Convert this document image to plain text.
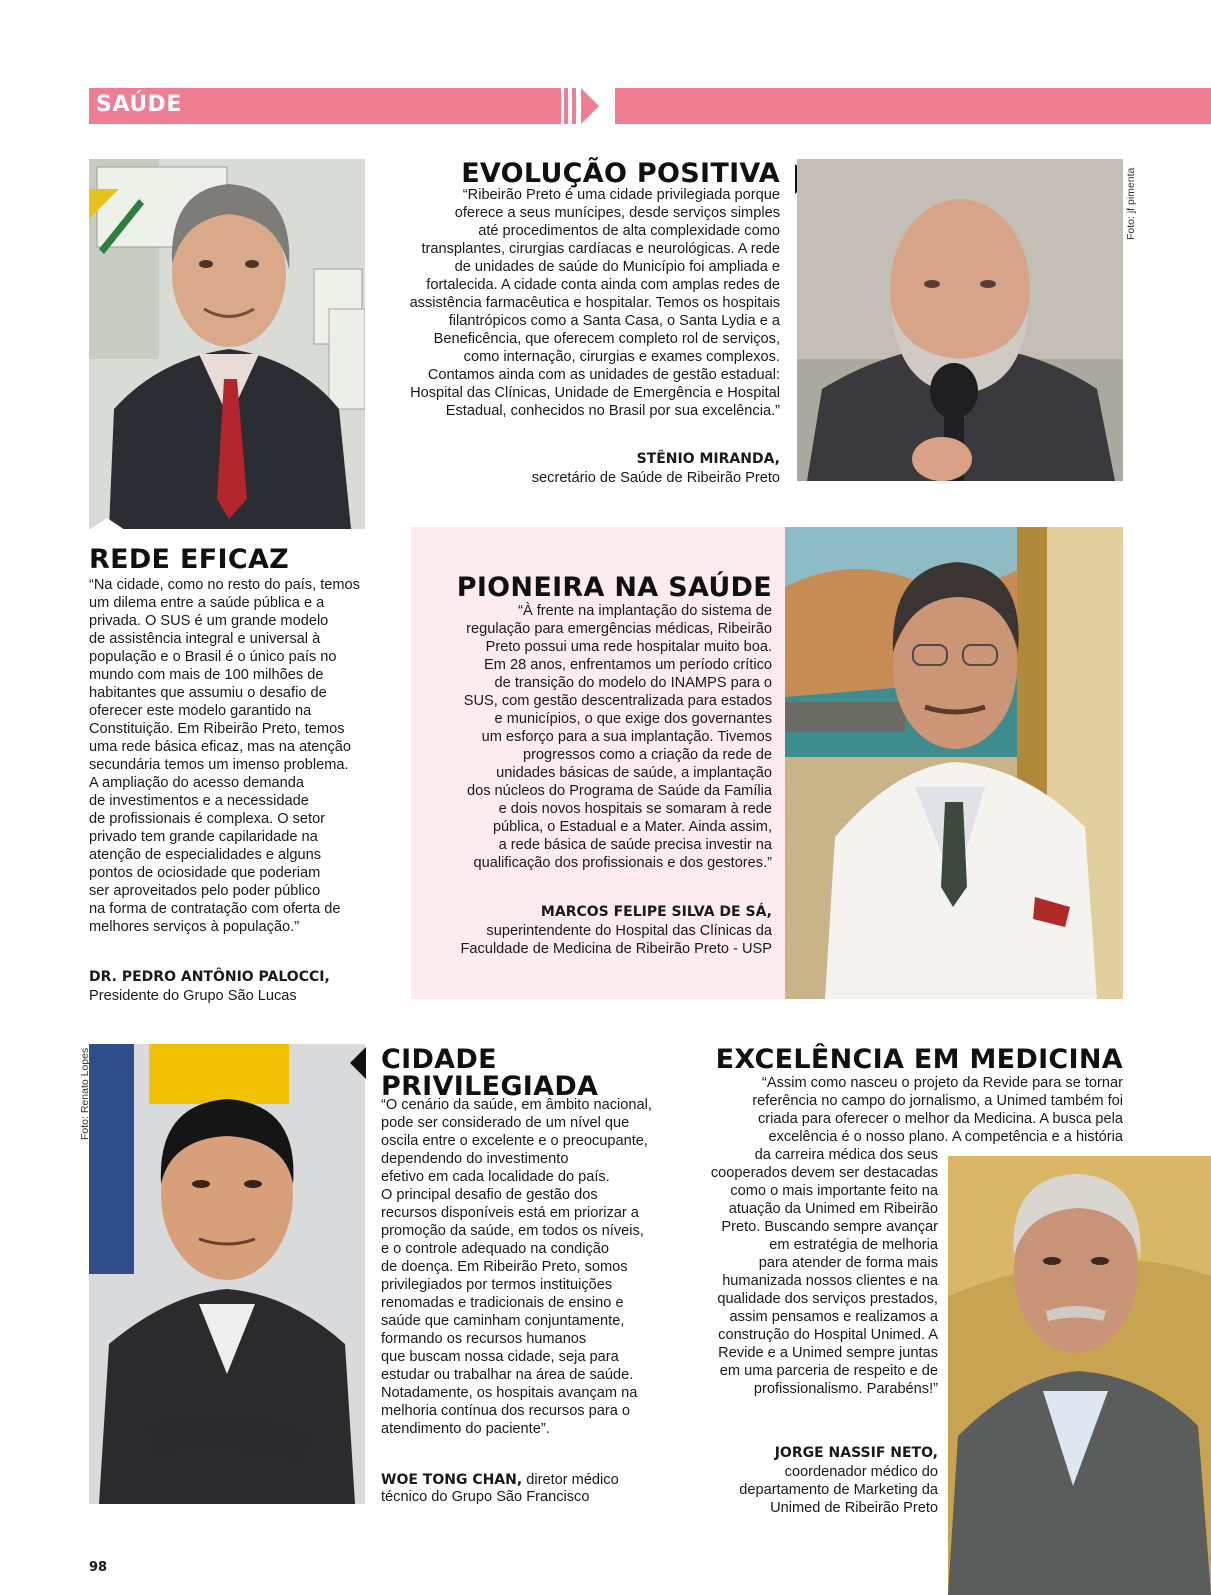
SAÚDE
EVOLUÇÃO POSITIVA

“Ribeirão Preto é uma cidade privilegiada porque

oferece a seus munícipes, desde serviços simples

até procedimentos de alta complexidade como

transplantes, cirurgias cardíacas e neurológicas. A rede

de unidades de saúde do Município foi ampliada e

fortalecida. A cidade conta ainda com amplas redes de

assistência farmacêutica e hospitalar. Temos os hospitais

filantrópicos como a Santa Casa, o Santa Lydia e a

Beneficência, que oferecem completo rol de serviços,

como internação, cirurgias e exames complexos.

Contamos ainda com as unidades de gestão estadual:

Hospital das Clínicas, Unidade de Emergência e Hospital

Estadual, conhecidos no Brasil por sua excelência.”

STÊNIO MIRANDA,
secretário de Saúde de Ribeirão Preto
Foto: jf pimenta
REDE EFICAZ

“Na cidade, como no resto do país, temos

um dilema entre a saúde pública e a

privada. O SUS é um grande modelo

de assistência integral e universal à

população e o Brasil é o único país no

mundo com mais de 100 milhões de

habitantes que assumiu o desafio de

oferecer este modelo garantido na

Constituição. Em Ribeirão Preto, temos

uma rede básica eficaz, mas na atenção

secundária temos um imenso problema.

A ampliação do acesso demanda

de investimentos e a necessidade

de profissionais é complexa. O setor

privado tem grande capilaridade na

atenção de especialidades e alguns

pontos de ociosidade que poderiam

ser aproveitados pelo poder público

na forma de contratação com oferta de

melhores serviços à população.”

DR. PEDRO ANTÔNIO PALOCCI,
Presidente do Grupo São Lucas
PIONEIRA NA SAÚDE

“À frente na implantação do sistema de

regulação para emergências médicas, Ribeirão

Preto possui uma rede hospitalar muito boa.

Em 28 anos, enfrentamos um período crítico

de transição do modelo do INAMPS para o

SUS, com gestão descentralizada para estados

e municípios, o que exige dos governantes

um esforço para a sua implantação. Tivemos

progressos como a criação da rede de

unidades básicas de saúde, a implantação

dos núcleos do Programa de Saúde da Família

e dois novos hospitais se somaram à rede

pública, o Estadual e a Mater. Ainda assim,

a rede básica de saúde precisa investir na

qualificação dos profissionais e dos gestores.”

MARCOS FELIPE SILVA DE SÁ,
superintendente do Hospital das Clínicas da
Faculdade de Medicina de Ribeirão Preto - USP
Foto: Renato Lopes	CIDADE
PRIVILEGIADA

“O cenário da saúde, em âmbito nacional,

pode ser considerado de um nível que

oscila entre o excelente e o preocupante,

dependendo do investimento

efetivo em cada localidade do país.

O principal desafio de gestão dos

recursos disponíveis está em priorizar a

promoção da saúde, em todos os níveis,

e o controle adequado na condição

de doença. Em Ribeirão Preto, somos

privilegiados por termos instituições

renomadas e tradicionais de ensino e

saúde que caminham conjuntamente,

formando os recursos humanos

que buscam nossa cidade, seja para

estudar ou trabalhar na área de saúde.

Notadamente, os hospitais avançam na

melhoria contínua dos recursos para o

atendimento do paciente”.

WOE TONG CHAN, diretor médico
técnico do Grupo São Francisco
EXCELÊNCIA EM MEDICINA

“Assim como nasceu o projeto da Revide para se tornar

referência no campo do jornalismo, a Unimed também foi

criada para oferecer o melhor da Medicina. A busca pela

excelência é o nosso plano. A competência e a história

da carreira médica dos seus

cooperados devem ser destacadas

como o mais importante feito na

atuação da Unimed em Ribeirão

Preto. Buscando sempre avançar

em estratégia de melhoria

para atender de forma mais

humanizada nossos clientes e na

qualidade dos serviços prestados,

assim pensamos e realizamos a

construção do Hospital Unimed. A

Revide e a Unimed sempre juntas

em uma parceria de respeito e de

profissionalismo. Parabéns!”

JORGE NASSIF NETO,
coordenador médico do
departamento de Marketing da
Unimed de Ribeirão Preto
98
